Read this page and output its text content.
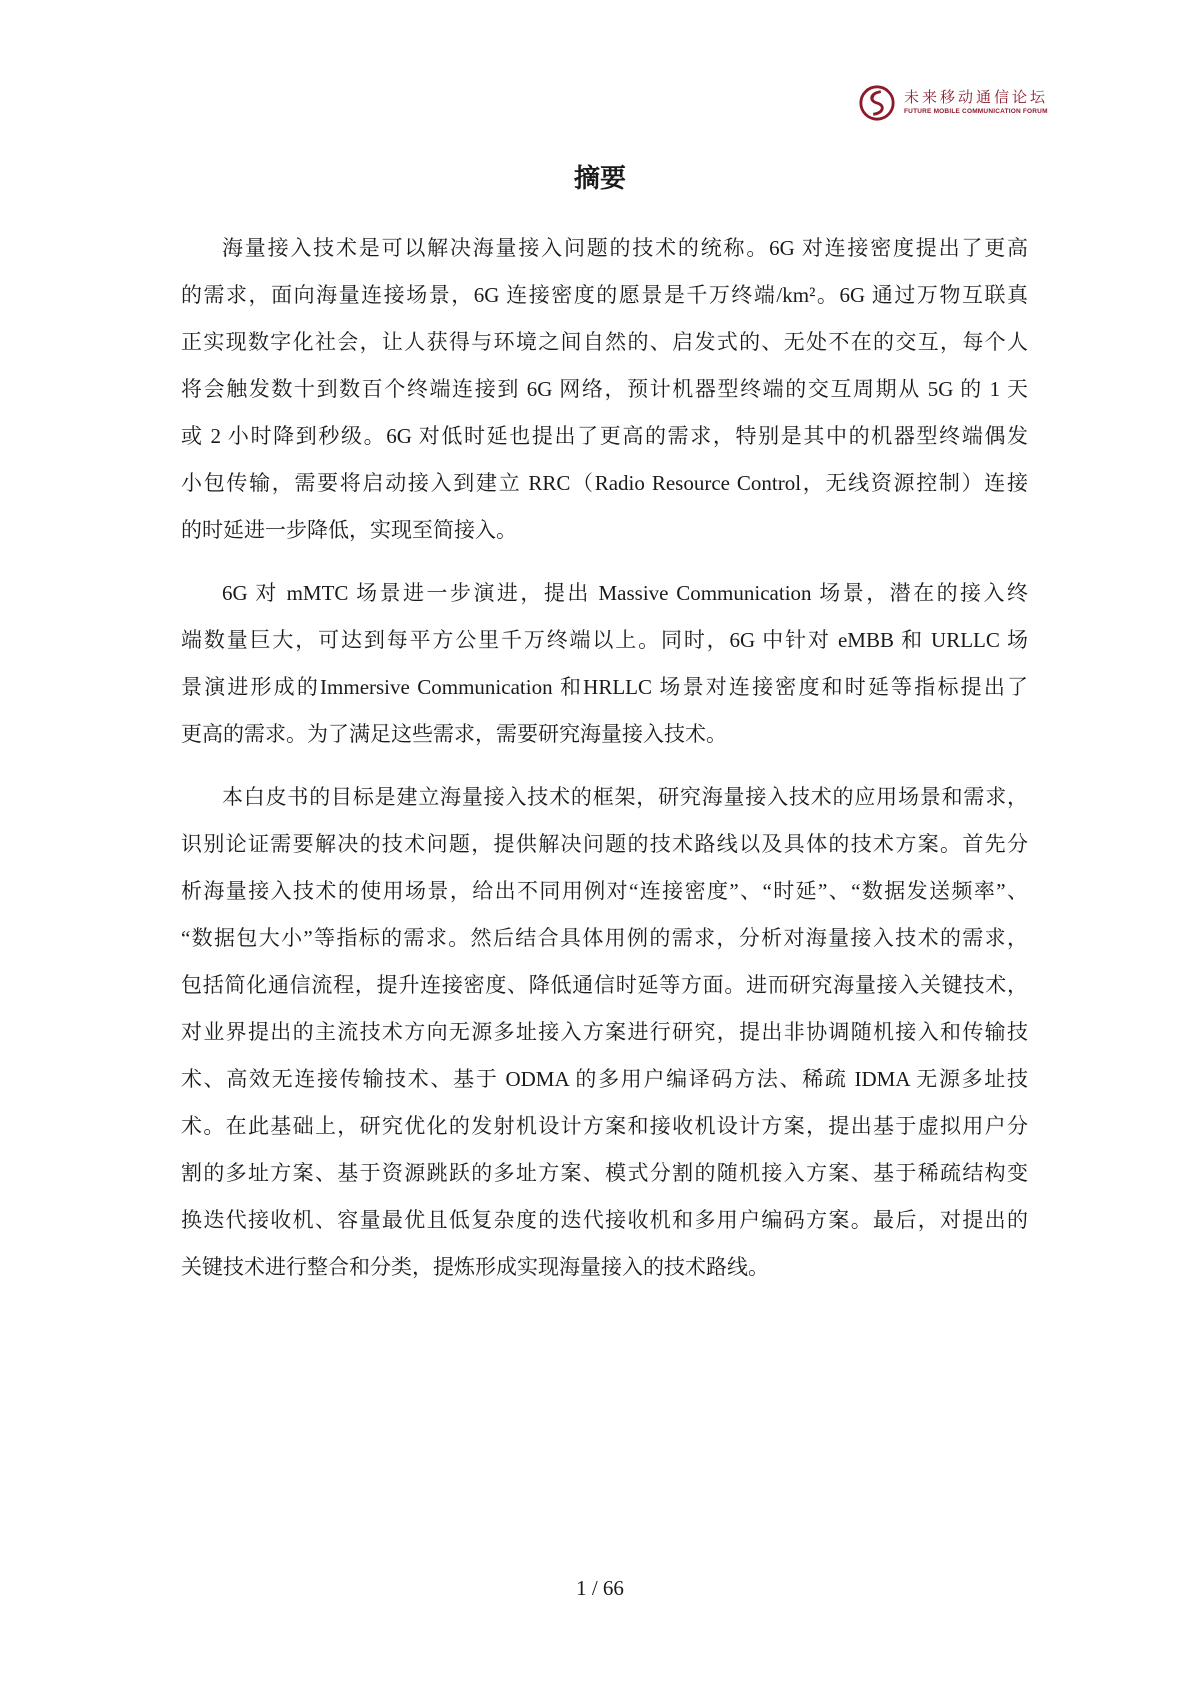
未来移动通信论坛
FUTURE MOBILE COMMUNICATION FORUM
摘要
海量接入技术是可以解决海量接入问题的技术的统称。6G 对连接密度提出了更高
的需求，面向海量连接场景，6G 连接密度的愿景是千万终端/km²。6G 通过万物互联真
正实现数字化社会，让人获得与环境之间自然的、启发式的、无处不在的交互，每个人
将会触发数十到数百个终端连接到 6G 网络，预计机器型终端的交互周期从 5G 的 1 天
或 2 小时降到秒级。6G 对低时延也提出了更高的需求，特别是其中的机器型终端偶发
小包传输，需要将启动接入到建立 RRC（Radio Resource Control，无线资源控制）连接
的时延进一步降低，实现至简接入。
6G 对 mMTC 场景进一步演进，提出 Massive Communication 场景，潜在的接入终
端数量巨大，可达到每平方公里千万终端以上。同时，6G 中针对 eMBB 和 URLLC 场
景演进形成的Immersive Communication 和HRLLC 场景对连接密度和时延等指标提出了
更高的需求。为了满足这些需求，需要研究海量接入技术。
本白皮书的目标是建立海量接入技术的框架，研究海量接入技术的应用场景和需求，
识别论证需要解决的技术问题，提供解决问题的技术路线以及具体的技术方案。首先分
析海量接入技术的使用场景，给出不同用例对“连接密度”、“时延”、“数据发送频率”、
“数据包大小”等指标的需求。然后结合具体用例的需求，分析对海量接入技术的需求，
包括简化通信流程，提升连接密度、降低通信时延等方面。进而研究海量接入关键技术，
对业界提出的主流技术方向无源多址接入方案进行研究，提出非协调随机接入和传输技
术、高效无连接传输技术、基于 ODMA 的多用户编译码方法、稀疏 IDMA 无源多址技
术。在此基础上，研究优化的发射机设计方案和接收机设计方案，提出基于虚拟用户分
割的多址方案、基于资源跳跃的多址方案、模式分割的随机接入方案、基于稀疏结构变
换迭代接收机、容量最优且低复杂度的迭代接收机和多用户编码方案。最后，对提出的
关键技术进行整合和分类，提炼形成实现海量接入的技术路线。
1 / 66
